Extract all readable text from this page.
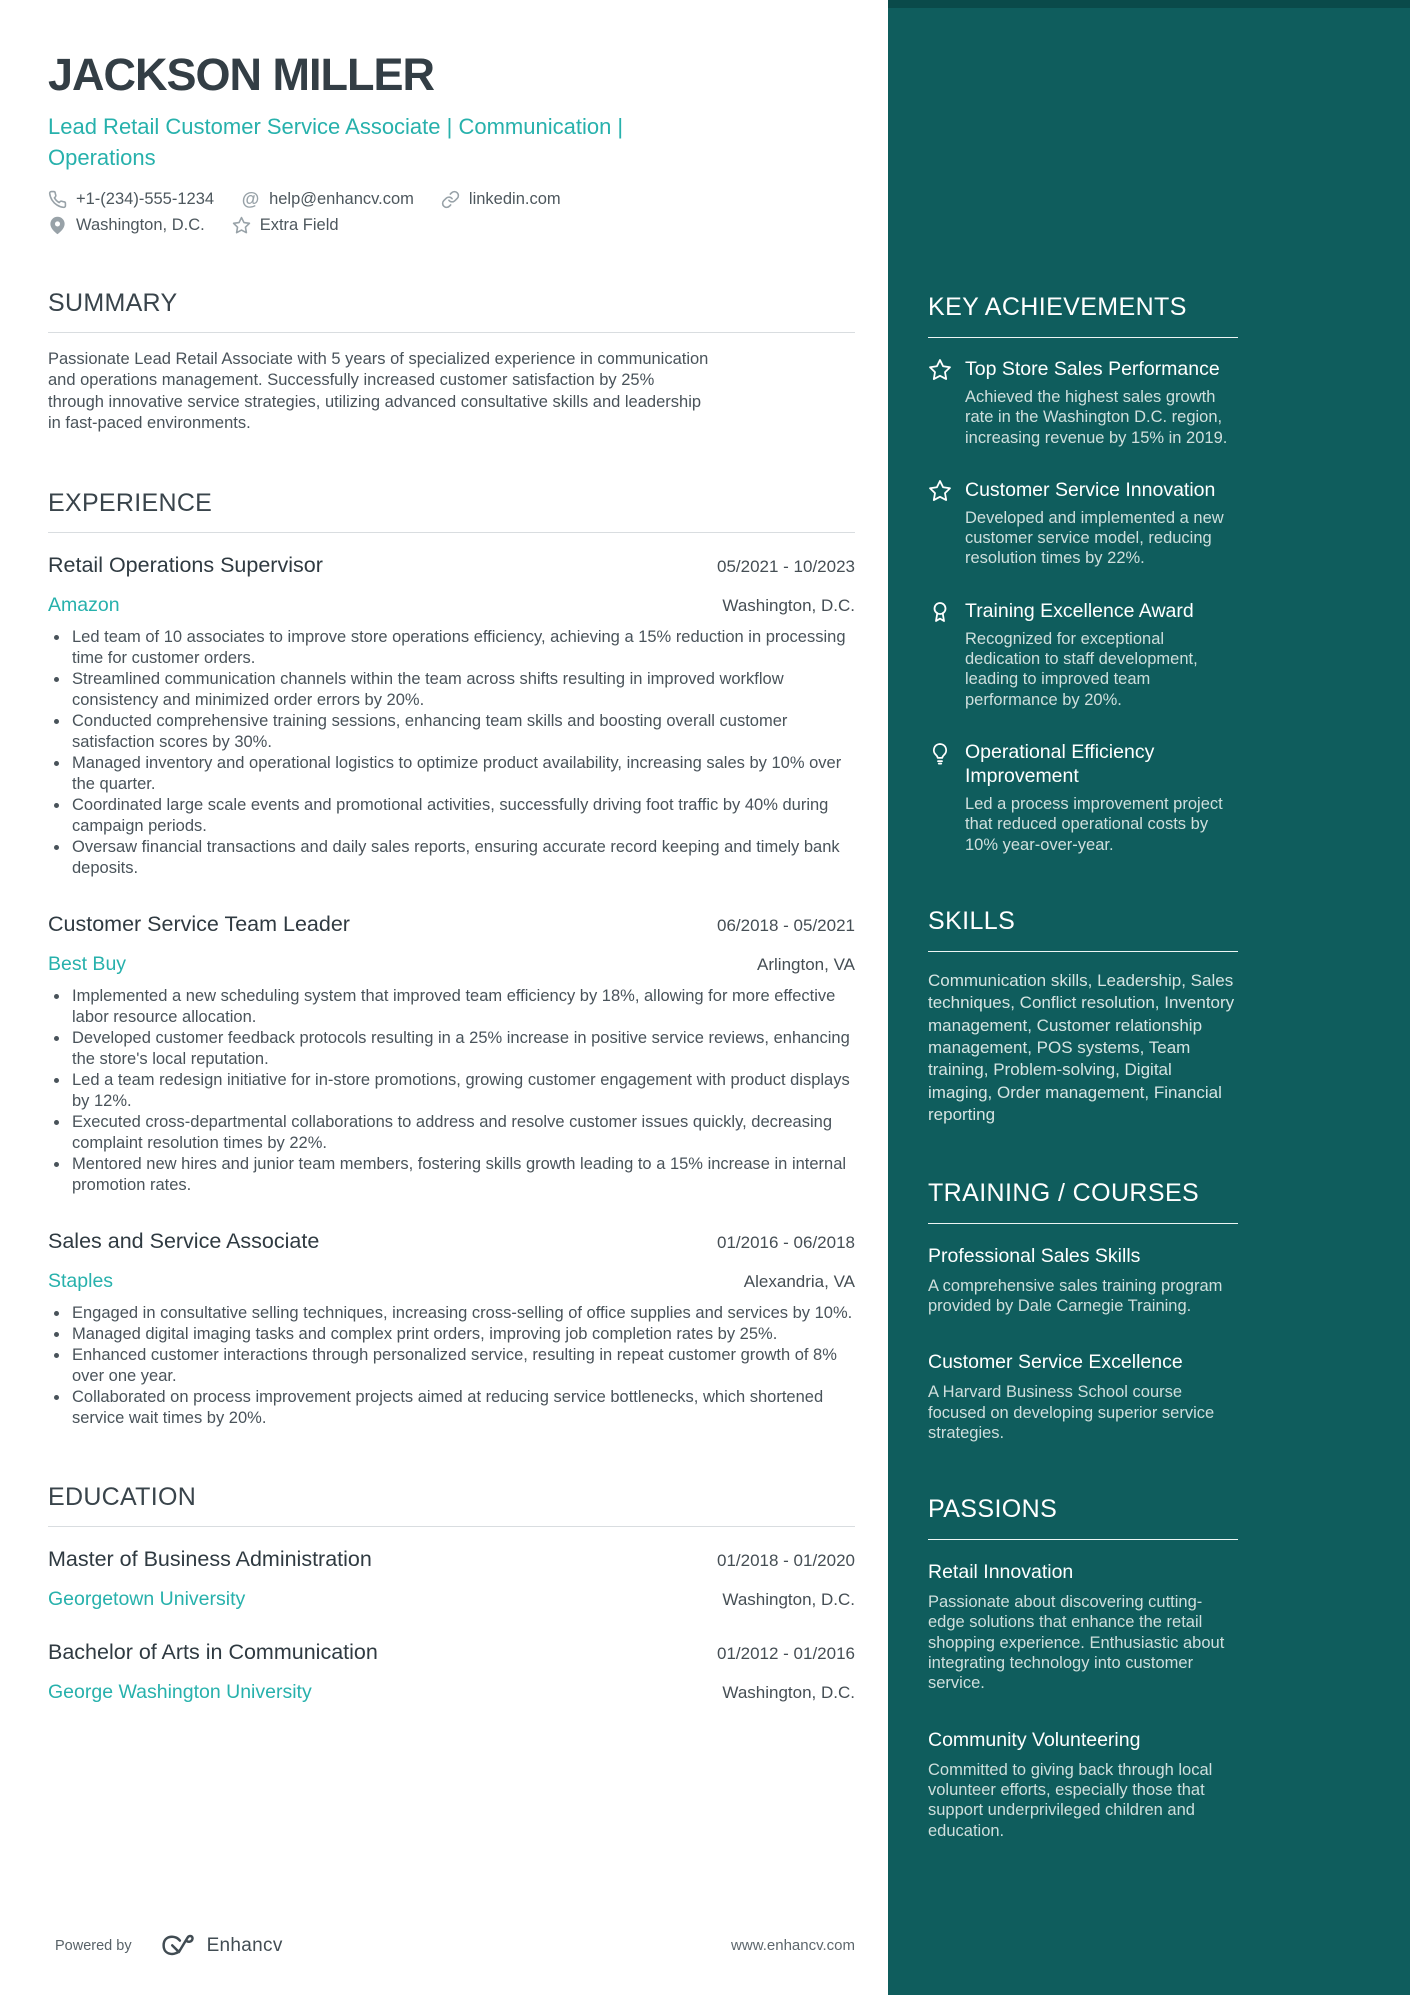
JACKSON MILLER
Lead Retail Customer Service Associate | Communication | Operations
+1-(234)-555-1234 @ help@enhancv.com	linkedin.com
Washington, D.C.	Extra Field
SUMMARY

Passionate Lead Retail Associate with 5 years of specialized experience in communication and operations management. Successfully increased customer satisfaction by 25% through innovative service strategies, utilizing advanced consultative skills and leadership in fast-paced environments.

EXPERIENCE
Retail Operations Supervisor	05/2021 - 10/2023
Amazon	Washington, D.C.
• Led team of 10 associates to improve store operations efficiency, achieving a 15% reduction in processing time for customer orders.
• Streamlined communication channels within the team across shifts resulting in improved workflow consistency and minimized order errors by 20%.
• Conducted comprehensive training sessions, enhancing team skills and boosting overall customer satisfaction scores by 30%.
• Managed inventory and operational logistics to optimize product availability, increasing sales by 10% over the quarter.
• Coordinated large scale events and promotional activities, successfully driving foot traffic by 40% during campaign periods.
• Oversaw financial transactions and daily sales reports, ensuring accurate record keeping and timely bank deposits.
Customer Service Team Leader	06/2018 - 05/2021
Best Buy	Arlington, VA
• Implemented a new scheduling system that improved team efficiency by 18%, allowing for more effective labor resource allocation.
• Developed customer feedback protocols resulting in a 25% increase in positive service reviews, enhancing the store's local reputation.
• Led a team redesign initiative for in-store promotions, growing customer engagement with product displays by 12%.
• Executed cross-departmental collaborations to address and resolve customer issues quickly, decreasing complaint resolution times by 22%.
• Mentored new hires and junior team members, fostering skills growth leading to a 15% increase in internal promotion rates.
Sales and Service Associate	01/2016 - 06/2018
Staples	Alexandria, VA
• Engaged in consultative selling techniques, increasing cross-selling of office supplies and services by 10%.
• Managed digital imaging tasks and complex print orders, improving job completion rates by 25%.
• Enhanced customer interactions through personalized service, resulting in repeat customer growth of 8% over one year.
• Collaborated on process improvement projects aimed at reducing service bottlenecks, which shortened service wait times by 20%.
EDUCATION
Master of Business Administration	01/2018 - 01/2020
Georgetown University	Washington, D.C.
Bachelor of Arts in Communication	01/2012 - 01/2016
George Washington University	Washington, D.C.
Powered by	Enhancv	www.enhancv.com
KEY ACHIEVEMENTS
Top Store Sales Performance
Achieved the highest sales growth rate in the Washington D.C. region, increasing revenue by 15% in 2019.
Customer Service Innovation
Developed and implemented a new customer service model, reducing resolution times by 22%.
Training Excellence Award
Recognized for exceptional dedication to staff development, leading to improved team performance by 20%.
Operational Efficiency Improvement
Led a process improvement project that reduced operational costs by 10% year-over-year.
SKILLS
Communication skills, Leadership, Sales techniques, Conflict resolution, Inventory management, Customer relationship management, POS systems, Team training, Problem-solving, Digital imaging, Order management, Financial reporting
TRAINING / COURSES
Professional Sales Skills
A comprehensive sales training program provided by Dale Carnegie Training.
Customer Service Excellence
A Harvard Business School course focused on developing superior service strategies.
PASSIONS
Retail Innovation
Passionate about discovering cutting-edge solutions that enhance the retail shopping experience. Enthusiastic about integrating technology into customer service.
Community Volunteering
Committed to giving back through local volunteer efforts, especially those that support underprivileged children and education.
